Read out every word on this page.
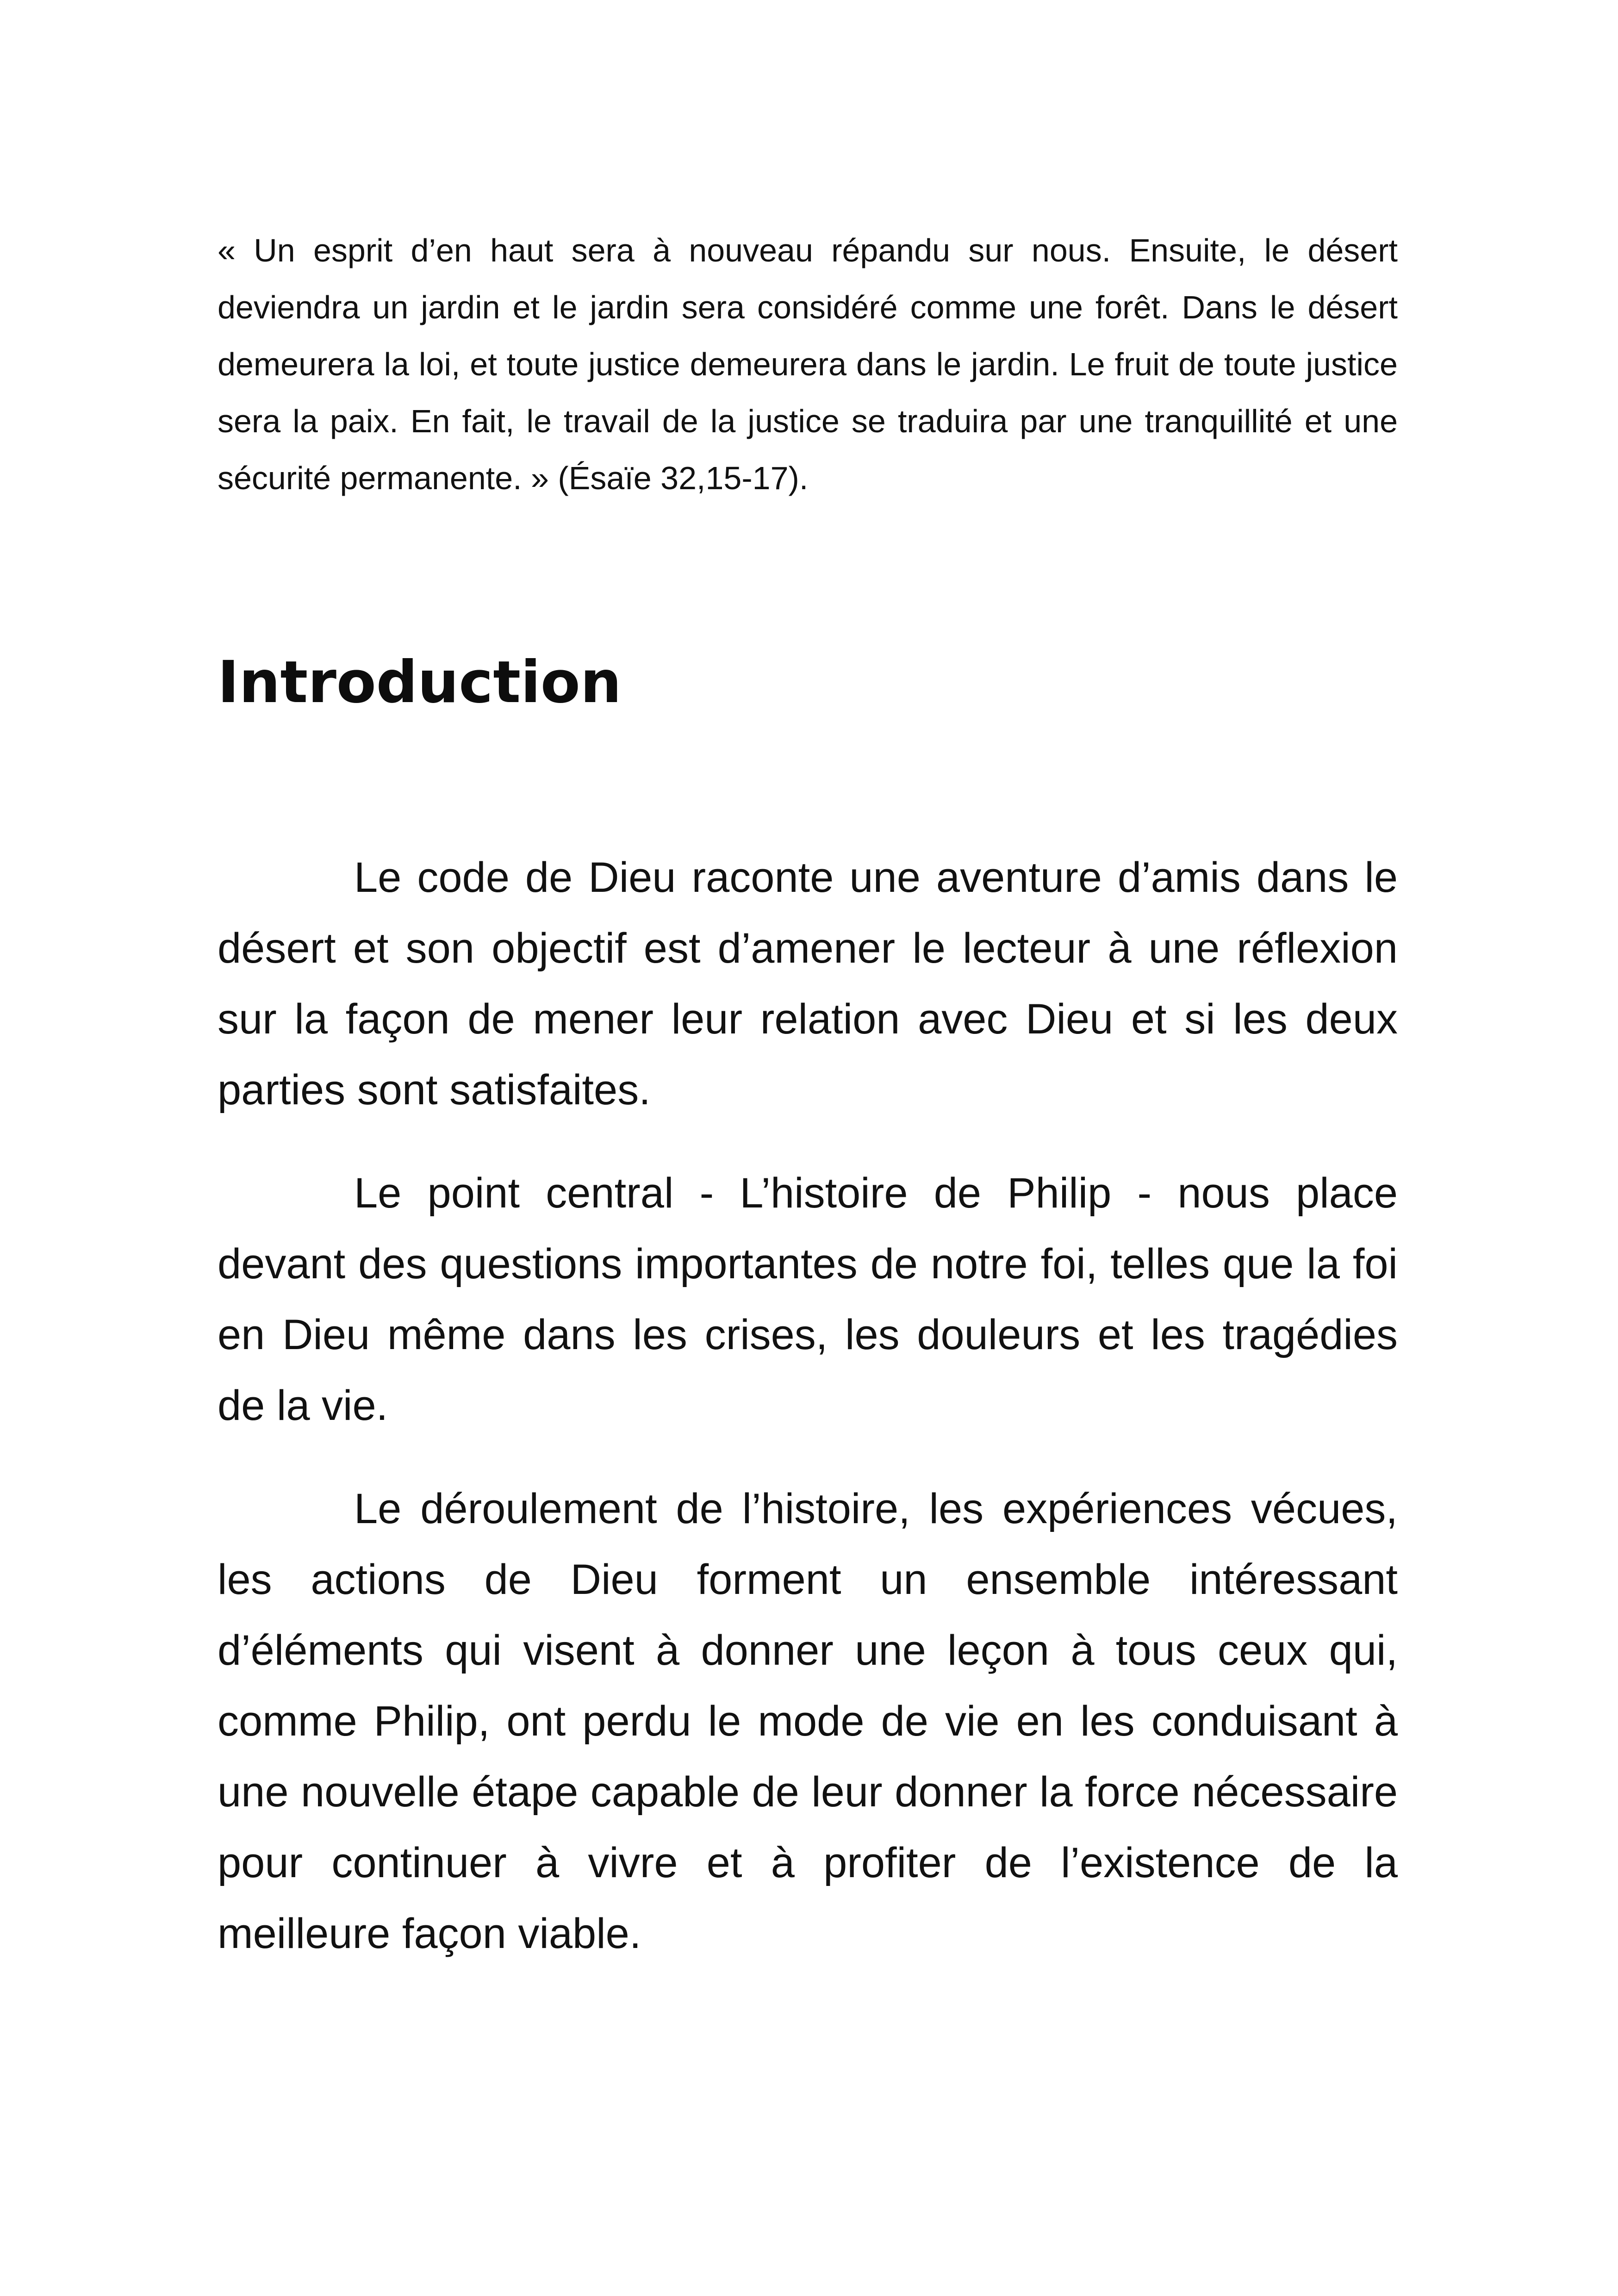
« Un esprit d’en haut sera à nouveau répandu sur nous. Ensuite, le désert deviendra un jardin et le jardin sera considéré comme une forêt. Dans le désert demeurera la loi, et toute justice demeurera dans le jardin. Le fruit de toute justice sera la paix. En fait, le travail de la justice se traduira par une tranquillité et une sécurité permanente. » (Ésaïe 32,15-17).

Introduction

Le code de Dieu raconte une aventure d’amis dans le désert et son objectif est d’amener le lecteur à une réflexion sur la façon de mener leur relation avec Dieu et si les deux parties sont satisfaites.

Le point central - L’histoire de Philip - nous place devant des questions importantes de notre foi, telles que la foi en Dieu même dans les crises, les douleurs et les tragédies de la vie.

Le déroulement de l’histoire, les expériences vécues, les actions de Dieu forment un ensemble intéressant d’éléments qui visent à donner une leçon à tous ceux qui, comme Philip, ont perdu le mode de vie en les conduisant à une nouvelle étape capable de leur donner la force nécessaire pour continuer à vivre et à profiter de l’existence de la meilleure façon viable.
